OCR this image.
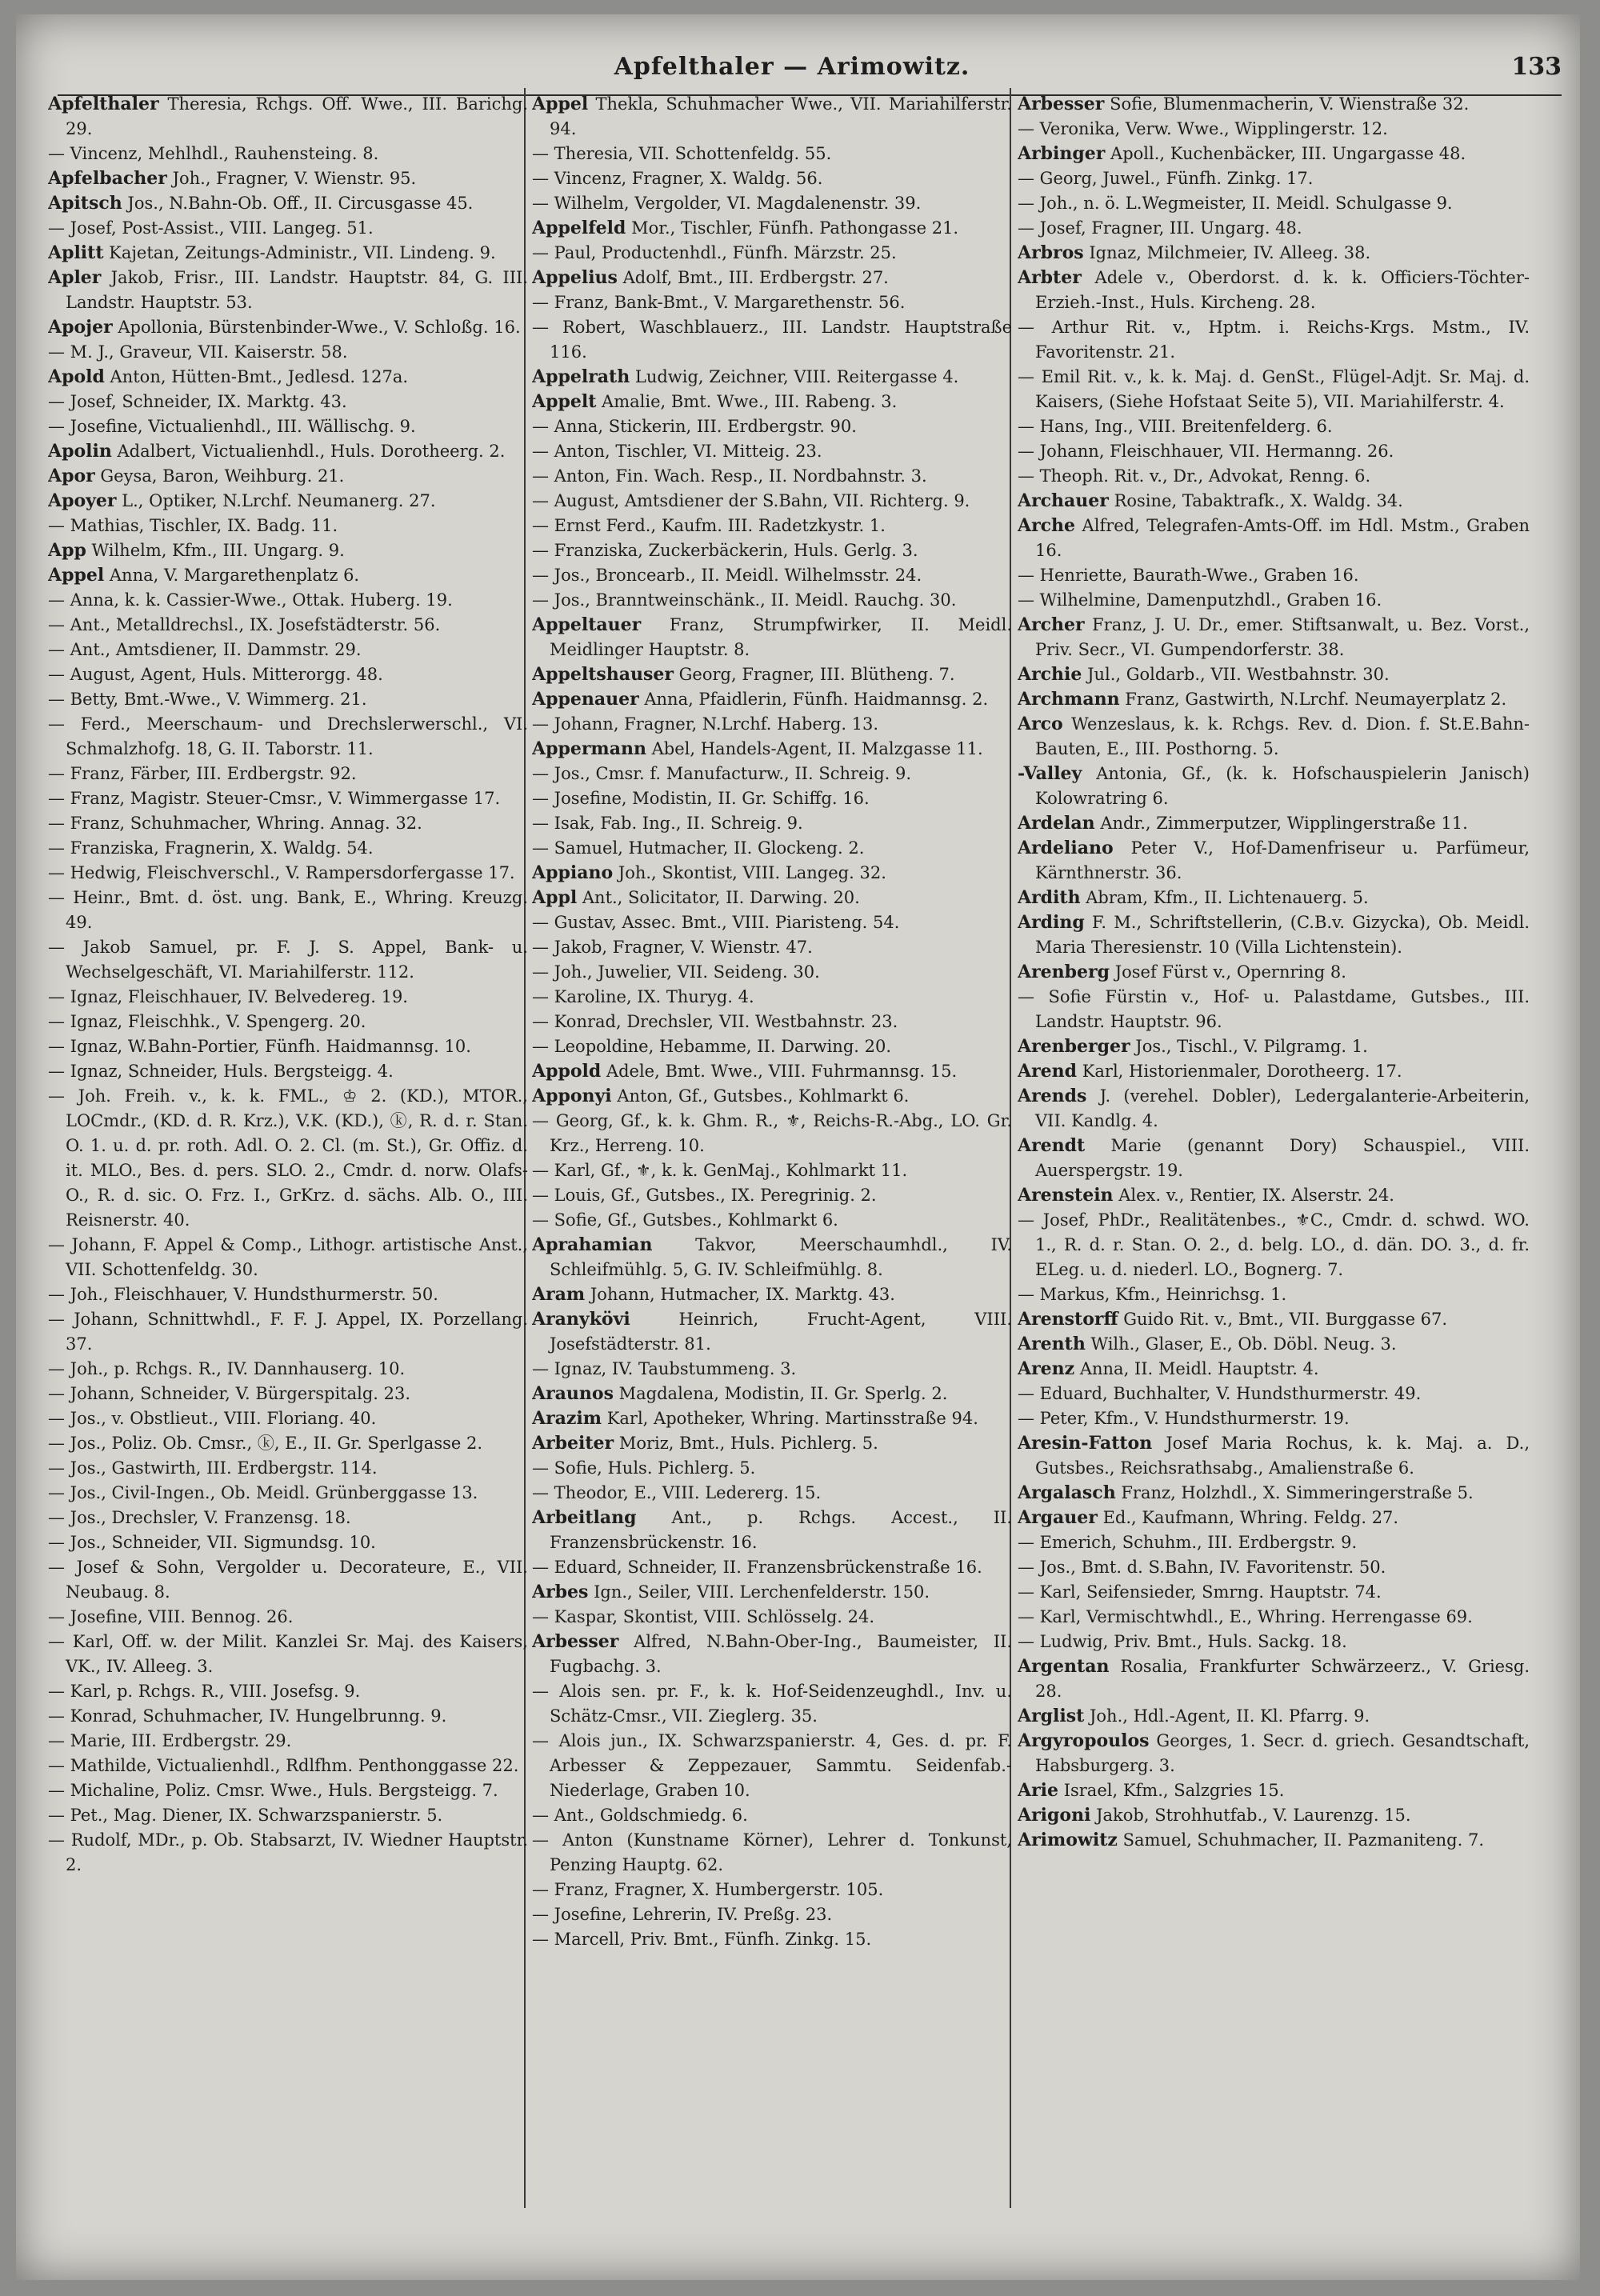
Apfelthaler — Arimowitz.	133

Apfelthaler Theresia, Rchgs. Off. Wwe., III. Barichg. 29.

— Vincenz, Mehlhdl., Rauhensteing. 8.

Apfelbacher Joh., Fragner, V. Wienstr. 95.

Apitsch Jos., N.Bahn-Ob. Off., II. Circusgasse 45.

— Josef, Post-Assist., VIII. Langeg. 51.

Aplitt Kajetan, Zeitungs-Administr., VII. Lindeng. 9.

Apler Jakob, Frisr., III. Landstr. Hauptstr. 84, G. III. Landstr. Hauptstr. 53.

Apojer Apollonia, Bürstenbinder-Wwe., V. Schloßg. 16.

— M. J., Graveur, VII. Kaiserstr. 58.

Apold Anton, Hütten-Bmt., Jedlesd. 127a.

— Josef, Schneider, IX. Marktg. 43.

— Josefine, Victualienhdl., III. Wällischg. 9.

Apolin Adalbert, Victualienhdl., Huls. Dorotheerg. 2.

Apor Geysa, Baron, Weihburg. 21.

Apoyer L., Optiker, N.Lrchf. Neumanerg. 27.

— Mathias, Tischler, IX. Badg. 11.

App Wilhelm, Kfm., III. Ungarg. 9.

Appel Anna, V. Margarethenplatz 6.

— Anna, k. k. Cassier-Wwe., Ottak. Huberg. 19.

— Ant., Metalldrechsl., IX. Josefstädterstr. 56.

— Ant., Amtsdiener, II. Dammstr. 29.

— August, Agent, Huls. Mitterorgg. 48.

— Betty, Bmt.-Wwe., V. Wimmerg. 21.

— Ferd., Meerschaum- und Drechslerwerschl., VI. Schmalzhofg. 18, G. II. Taborstr. 11.

— Franz, Färber, III. Erdbergstr. 92.

— Franz, Magistr. Steuer-Cmsr., V. Wimmergasse 17.

— Franz, Schuhmacher, Whring. Annag. 32.

— Franziska, Fragnerin, X. Waldg. 54.

— Hedwig, Fleischverschl., V. Rampersdorfergasse 17.

— Heinr., Bmt. d. öst. ung. Bank, E., Whring. Kreuzg. 49.

— Jakob Samuel, pr. F. J. S. Appel, Bank- u. Wechselgeschäft, VI. Mariahilferstr. 112.

— Ignaz, Fleischhauer, IV. Belvedereg. 19.

— Ignaz, Fleischhk., V. Spengerg. 20.

— Ignaz, W.Bahn-Portier, Fünfh. Haidmannsg. 10.

— Ignaz, Schneider, Huls. Bergsteigg. 4.

— Joh. Freih. v., k. k. FML., ♔ 2. (KD.), MTOR., LOCmdr., (KD. d. R. Krz.), V.K. (KD.), ⓚ, R. d. r. Stan. O. 1. u. d. pr. roth. Adl. O. 2. Cl. (m. St.), Gr. Offiz. d. it. MLO., Bes. d. pers. SLO. 2., Cmdr. d. norw. Olafs-O., R. d. sic. O. Frz. I., GrKrz. d. sächs. Alb. O., III. Reisnerstr. 40.

— Johann, F. Appel & Comp., Lithogr. artistische Anst., VII. Schottenfeldg. 30.

— Joh., Fleischhauer, V. Hundsthurmerstr. 50.

— Johann, Schnittwhdl., F. F. J. Appel, IX. Porzellang. 37.

— Joh., p. Rchgs. R., IV. Dannhauserg. 10.

— Johann, Schneider, V. Bürgerspitalg. 23.

— Jos., v. Obstlieut., VIII. Floriang. 40.

— Jos., Poliz. Ob. Cmsr., ⓚ, E., II. Gr. Sperlgasse 2.

— Jos., Gastwirth, III. Erdbergstr. 114.

— Jos., Civil-Ingen., Ob. Meidl. Grünberggasse 13.

— Jos., Drechsler, V. Franzensg. 18.

— Jos., Schneider, VII. Sigmundsg. 10.

— Josef & Sohn, Vergolder u. Decorateure, E., VII. Neubaug. 8.

— Josefine, VIII. Bennog. 26.

— Karl, Off. w. der Milit. Kanzlei Sr. Maj. des Kaisers, VK., IV. Alleeg. 3.

— Karl, p. Rchgs. R., VIII. Josefsg. 9.

— Konrad, Schuhmacher, IV. Hungelbrunng. 9.

— Marie, III. Erdbergstr. 29.

— Mathilde, Victualienhdl., Rdlfhm. Penthonggasse 22.

— Michaline, Poliz. Cmsr. Wwe., Huls. Bergsteigg. 7.

— Pet., Mag. Diener, IX. Schwarzspanierstr. 5.

— Rudolf, MDr., p. Ob. Stabsarzt, IV. Wiedner Hauptstr. 2.

Appel Thekla, Schuhmacher Wwe., VII. Mariahilferstr. 94.

— Theresia, VII. Schottenfeldg. 55.

— Vincenz, Fragner, X. Waldg. 56.

— Wilhelm, Vergolder, VI. Magdalenenstr. 39.

Appelfeld Mor., Tischler, Fünfh. Pathongasse 21.

— Paul, Productenhdl., Fünfh. Märzstr. 25.

Appelius Adolf, Bmt., III. Erdbergstr. 27.

— Franz, Bank-Bmt., V. Margarethenstr. 56.

— Robert, Waschblauerz., III. Landstr. Hauptstraße 116.

Appelrath Ludwig, Zeichner, VIII. Reitergasse 4.

Appelt Amalie, Bmt. Wwe., III. Rabeng. 3.

— Anna, Stickerin, III. Erdbergstr. 90.

— Anton, Tischler, VI. Mitteig. 23.

— Anton, Fin. Wach. Resp., II. Nordbahnstr. 3.

— August, Amtsdiener der S.Bahn, VII. Richterg. 9.

— Ernst Ferd., Kaufm. III. Radetzkystr. 1.

— Franziska, Zuckerbäckerin, Huls. Gerlg. 3.

— Jos., Broncearb., II. Meidl. Wilhelmsstr. 24.

— Jos., Branntweinschänk., II. Meidl. Rauchg. 30.

Appeltauer Franz, Strumpfwirker, II. Meidl. Meidlinger Hauptstr. 8.

Appeltshauser Georg, Fragner, III. Blütheng. 7.

Appenauer Anna, Pfaidlerin, Fünfh. Haidmannsg. 2.

— Johann, Fragner, N.Lrchf. Haberg. 13.

Appermann Abel, Handels-Agent, II. Malzgasse 11.

— Jos., Cmsr. f. Manufacturw., II. Schreig. 9.

— Josefine, Modistin, II. Gr. Schiffg. 16.

— Isak, Fab. Ing., II. Schreig. 9.

— Samuel, Hutmacher, II. Glockeng. 2.

Appiano Joh., Skontist, VIII. Langeg. 32.

Appl Ant., Solicitator, II. Darwing. 20.

— Gustav, Assec. Bmt., VIII. Piaristeng. 54.

— Jakob, Fragner, V. Wienstr. 47.

— Joh., Juwelier, VII. Seideng. 30.

— Karoline, IX. Thuryg. 4.

— Konrad, Drechsler, VII. Westbahnstr. 23.

— Leopoldine, Hebamme, II. Darwing. 20.

Appold Adele, Bmt. Wwe., VIII. Fuhrmannsg. 15.

Apponyi Anton, Gf., Gutsbes., Kohlmarkt 6.

— Georg, Gf., k. k. Ghm. R., ⚜, Reichs-R.-Abg., LO. Gr. Krz., Herreng. 10.

— Karl, Gf., ⚜, k. k. GenMaj., Kohlmarkt 11.

— Louis, Gf., Gutsbes., IX. Peregrinig. 2.

— Sofie, Gf., Gutsbes., Kohlmarkt 6.

Aprahamian Takvor, Meerschaumhdl., IV. Schleifmühlg. 5, G. IV. Schleifmühlg. 8.

Aram Johann, Hutmacher, IX. Marktg. 43.

Aranykövi Heinrich, Frucht-Agent, VIII. Josefstädterstr. 81.

— Ignaz, IV. Taubstummeng. 3.

Araunos Magdalena, Modistin, II. Gr. Sperlg. 2.

Arazim Karl, Apotheker, Whring. Martinsstraße 94.

Arbeiter Moriz, Bmt., Huls. Pichlerg. 5.

— Sofie, Huls. Pichlerg. 5.

— Theodor, E., VIII. Ledererg. 15.

Arbeitlang Ant., p. Rchgs. Accest., II. Franzensbrückenstr. 16.

— Eduard, Schneider, II. Franzensbrückenstraße 16.

Arbes Ign., Seiler, VIII. Lerchenfelderstr. 150.

— Kaspar, Skontist, VIII. Schlösselg. 24.

Arbesser Alfred, N.Bahn-Ober-Ing., Baumeister, II. Fugbachg. 3.

— Alois sen. pr. F., k. k. Hof-Seidenzeughdl., Inv. u. Schätz-Cmsr., VII. Zieglerg. 35.

— Alois jun., IX. Schwarzspanierstr. 4, Ges. d. pr. F. Arbesser & Zeppezauer, Sammtu. Seidenfab.-Niederlage, Graben 10.

— Ant., Goldschmiedg. 6.

— Anton (Kunstname Körner), Lehrer d. Tonkunst, Penzing Hauptg. 62.

— Franz, Fragner, X. Humbergerstr. 105.

— Josefine, Lehrerin, IV. Preßg. 23.

— Marcell, Priv. Bmt., Fünfh. Zinkg. 15.

Arbesser Sofie, Blumenmacherin, V. Wienstraße 32.

— Veronika, Verw. Wwe., Wipplingerstr. 12.

Arbinger Apoll., Kuchenbäcker, III. Ungargasse 48.

— Georg, Juwel., Fünfh. Zinkg. 17.

— Joh., n. ö. L.Wegmeister, II. Meidl. Schulgasse 9.

— Josef, Fragner, III. Ungarg. 48.

Arbros Ignaz, Milchmeier, IV. Alleeg. 38.

Arbter Adele v., Oberdorst. d. k. k. Officiers-Töchter-Erzieh.-Inst., Huls. Kircheng. 28.

— Arthur Rit. v., Hptm. i. Reichs-Krgs. Mstm., IV. Favoritenstr. 21.

— Emil Rit. v., k. k. Maj. d. GenSt., Flügel-Adjt. Sr. Maj. d. Kaisers, (Siehe Hofstaat Seite 5), VII. Mariahilferstr. 4.

— Hans, Ing., VIII. Breitenfelderg. 6.

— Johann, Fleischhauer, VII. Hermanng. 26.

— Theoph. Rit. v., Dr., Advokat, Renng. 6.

Archauer Rosine, Tabaktrafk., X. Waldg. 34.

Arche Alfred, Telegrafen-Amts-Off. im Hdl. Mstm., Graben 16.

— Henriette, Baurath-Wwe., Graben 16.

— Wilhelmine, Damenputzhdl., Graben 16.

Archer Franz, J. U. Dr., emer. Stiftsanwalt, u. Bez. Vorst., Priv. Secr., VI. Gumpendorferstr. 38.

Archie Jul., Goldarb., VII. Westbahnstr. 30.

Archmann Franz, Gastwirth, N.Lrchf. Neumayerplatz 2.

Arco Wenzeslaus, k. k. Rchgs. Rev. d. Dion. f. St.E.Bahn-Bauten, E., III. Posthorng. 5.

-Valley Antonia, Gf., (k. k. Hofschauspielerin Janisch) Kolowratring 6.

Ardelan Andr., Zimmerputzer, Wipplingerstraße 11.

Ardeliano Peter V., Hof-Damenfriseur u. Parfümeur, Kärnthnerstr. 36.

Ardith Abram, Kfm., II. Lichtenauerg. 5.

Arding F. M., Schriftstellerin, (C.B.v. Gizycka), Ob. Meidl. Maria Theresienstr. 10 (Villa Lichtenstein).

Arenberg Josef Fürst v., Opernring 8.

— Sofie Fürstin v., Hof- u. Palastdame, Gutsbes., III. Landstr. Hauptstr. 96.

Arenberger Jos., Tischl., V. Pilgramg. 1.

Arend Karl, Historienmaler, Dorotheerg. 17.

Arends J. (verehel. Dobler), Ledergalanterie-Arbeiterin, VII. Kandlg. 4.

Arendt Marie (genannt Dory) Schauspiel., VIII. Auerspergstr. 19.

Arenstein Alex. v., Rentier, IX. Alserstr. 24.

— Josef, PhDr., Realitätenbes., ⚜C., Cmdr. d. schwd. WO. 1., R. d. r. Stan. O. 2., d. belg. LO., d. dän. DO. 3., d. fr. ELeg. u. d. niederl. LO., Bognerg. 7.

— Markus, Kfm., Heinrichsg. 1.

Arenstorff Guido Rit. v., Bmt., VII. Burggasse 67.

Arenth Wilh., Glaser, E., Ob. Döbl. Neug. 3.

Arenz Anna, II. Meidl. Hauptstr. 4.

— Eduard, Buchhalter, V. Hundsthurmerstr. 49.

— Peter, Kfm., V. Hundsthurmerstr. 19.

Aresin-Fatton Josef Maria Rochus, k. k. Maj. a. D., Gutsbes., Reichsrathsabg., Amalienstraße 6.

Argalasch Franz, Holzhdl., X. Simmeringerstraße 5.

Argauer Ed., Kaufmann, Whring. Feldg. 27.

— Emerich, Schuhm., III. Erdbergstr. 9.

— Jos., Bmt. d. S.Bahn, IV. Favoritenstr. 50.

— Karl, Seifensieder, Smrng. Hauptstr. 74.

— Karl, Vermischtwhdl., E., Whring. Herrengasse 69.

— Ludwig, Priv. Bmt., Huls. Sackg. 18.

Argentan Rosalia, Frankfurter Schwärzeerz., V. Griesg. 28.

Arglist Joh., Hdl.-Agent, II. Kl. Pfarrg. 9.

Argyropoulos Georges, 1. Secr. d. griech. Gesandtschaft, Habsburgerg. 3.

Arie Israel, Kfm., Salzgries 15.

Arigoni Jakob, Strohhutfab., V. Laurenzg. 15.

Arimowitz Samuel, Schuhmacher, II. Pazmaniteng. 7.
